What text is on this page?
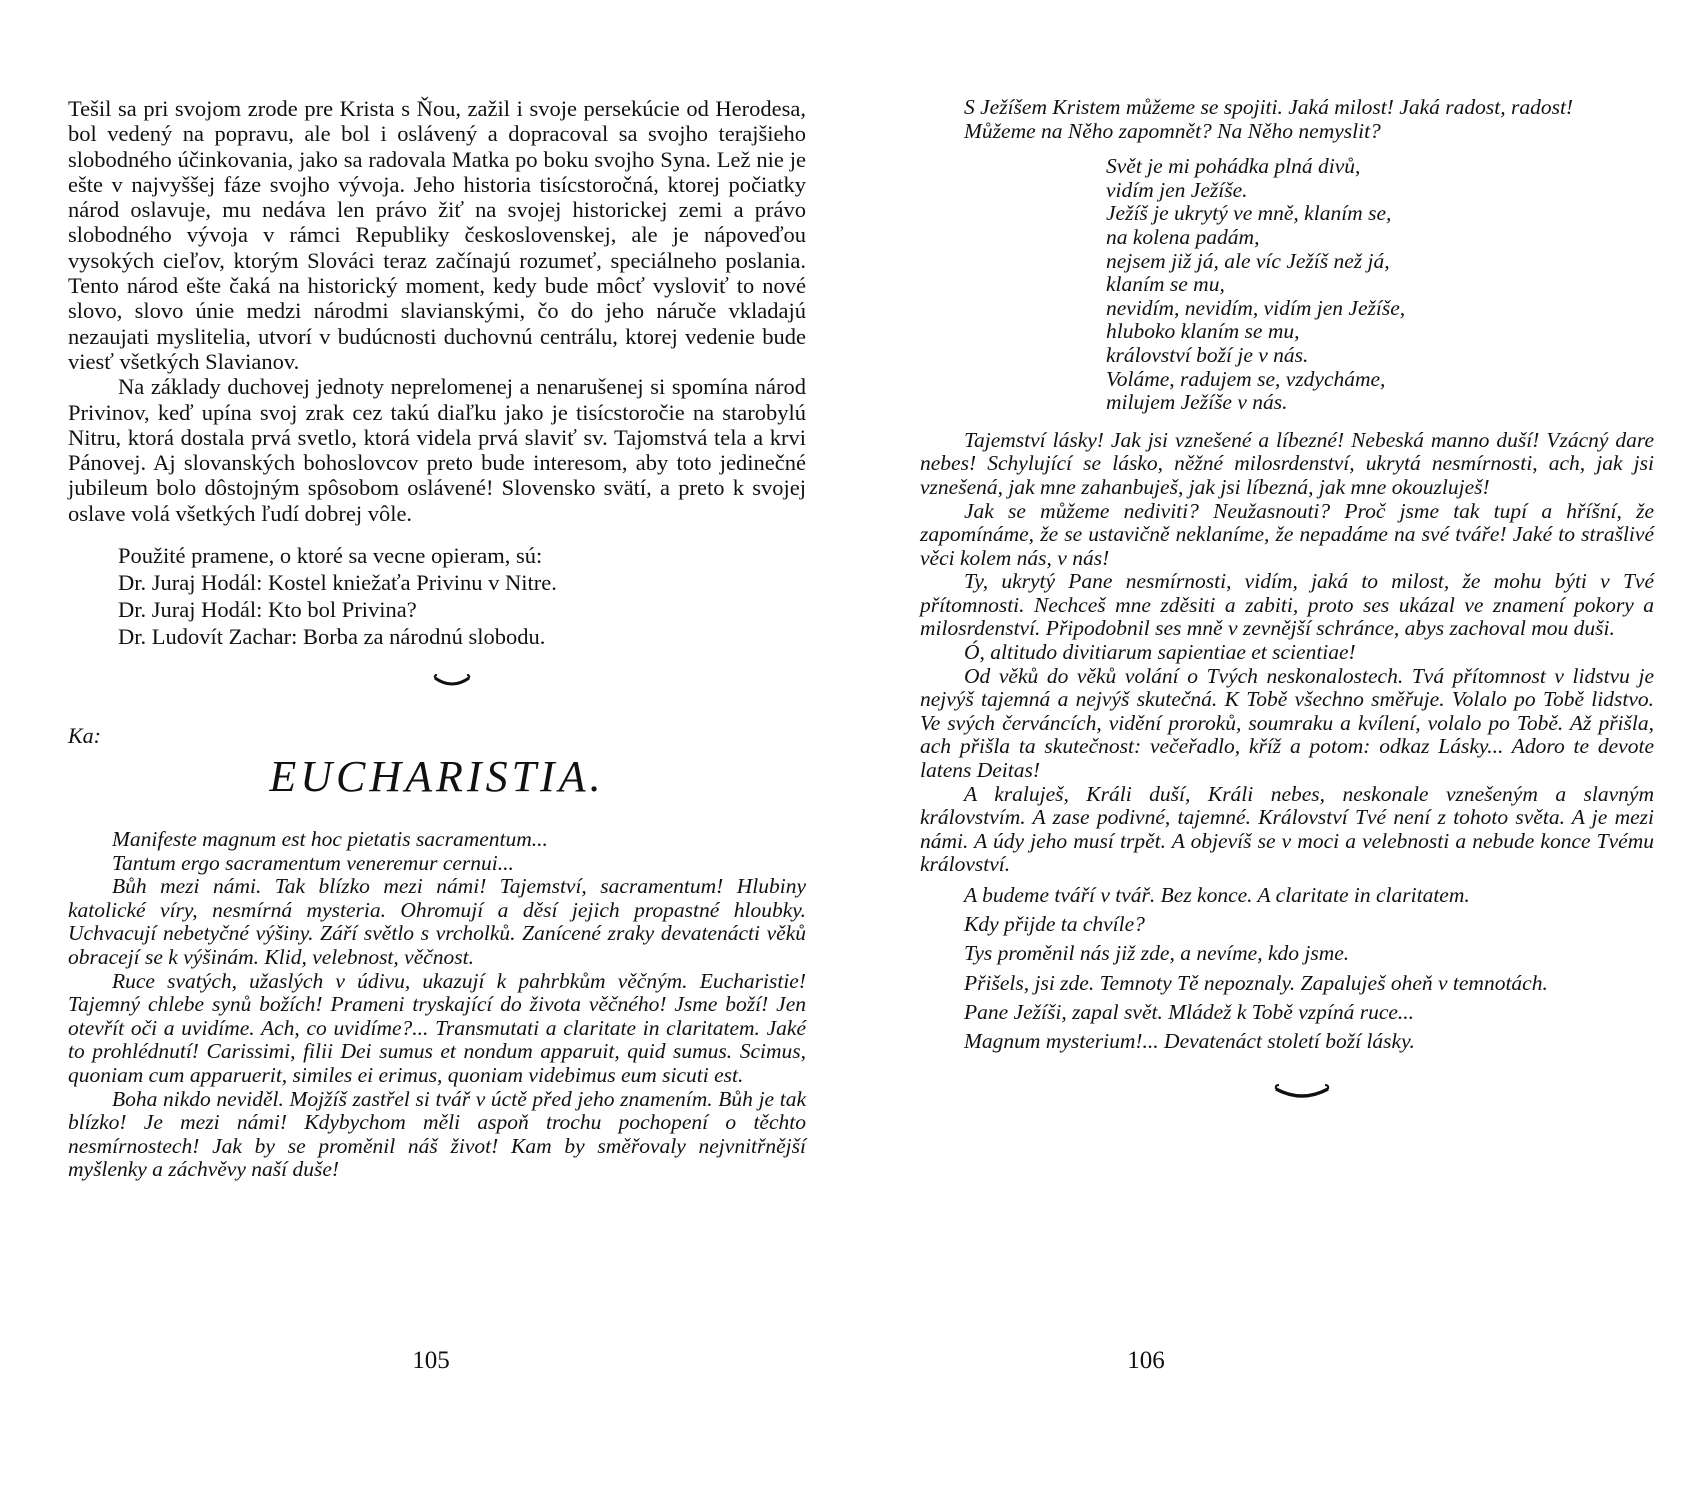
Tešil sa pri svojom zrode pre Krista s Ňou, zažil i svoje persekúcie od Herodesa, bol vedený na popravu, ale bol i oslávený a dopracoval sa svojho terajšieho slobodného účinkovania, jako sa radovala Matka po boku svojho Syna. Lež nie je ešte v najvyššej fáze svojho vývoja. Jeho historia tisícstoročná, ktorej počiatky národ oslavuje, mu nedáva len právo žiť na svojej historickej zemi a právo slobodného vývoja v rámci Republiky československej, ale je nápoveďou vysokých cieľov, ktorým Slováci teraz začínajú rozumeť, speciálneho poslania. Tento národ ešte čaká na historický moment, kedy bude môcť vysloviť to nové slovo, slovo únie medzi národmi slavianskými, čo do jeho náruče vkladajú nezaujati myslitelia, utvorí v budúcnosti duchovnú centrálu, ktorej vedenie bude viesť všetkých Slavianov.

Na základy duchovej jednoty neprelomenej a nenarušenej si spomína národ Privinov, keď upína svoj zrak cez takú diaľku jako je tisícstoročie na starobylú Nitru, ktorá dostala prvá svetlo, ktorá videla prvá slaviť sv. Tajomstvá tela a krvi Pánovej. Aj slovanských bohoslovcov preto bude interesom, aby toto jedinečné jubileum bolo dôstojným spôsobom oslávené! Slovensko svätí, a preto k svojej oslave volá všetkých ľudí dobrej vôle.

Použité pramene, o ktoré sa vecne opieram, sú:
Dr. Juraj Hodál: Kostel kniežaťa Privinu v Nitre.
Dr. Juraj Hodál: Kto bol Privina?
Dr. Ludovít Zachar: Borba za národnú slobodu.
Ka:
EUCHARISTIA.

Manifeste magnum est hoc pietatis sacramentum...

Tantum ergo sacramentum veneremur cernui...

Bůh mezi námi. Tak blízko mezi námi! Tajemství, sacramentum! Hlubiny katolické víry, nesmírná mysteria. Ohromují a děsí jejich propastné hloubky. Uchvacují nebetyčné výšiny. Září světlo s vrcholků. Zanícené zraky devatenácti věků obracejí se k výšinám. Klid, velebnost, věčnost.

Ruce svatých, užaslých v údivu, ukazují k pahrbkům věčným. Eucharistie! Tajemný chlebe synů božích! Prameni tryskající do života věčného! Jsme boží! Jen otevřít oči a uvidíme. Ach, co uvidíme?... Transmutati a claritate in claritatem. Jaké to prohlédnutí! Carissimi, filii Dei sumus et nondum apparuit, quid sumus. Scimus, quoniam cum apparuerit, similes ei erimus, quoniam videbimus eum sicuti est.

Boha nikdo neviděl. Mojžíš zastřel si tvář v úctě před jeho znamením. Bůh je tak blízko! Je mezi námi! Kdybychom měli aspoň trochu pochopení o těchto nesmírnostech! Jak by se proměnil náš život! Kam by směřovaly nejvnitřnější myšlenky a záchvěvy naší duše!

105

S Ježíšem Kristem můžeme se spojiti. Jaká milost! Jaká radost, radost!

Můžeme na Něho zapomnět? Na Něho nemyslit?

Svět je mi pohádka plná divů,
vidím jen Ježíše.
Ježíš je ukrytý ve mně, klaním se,
na kolena padám,
nejsem již já, ale víc Ježíš než já,
klaním se mu,
nevidím, nevidím, vidím jen Ježíše,
hluboko klaním se mu,
království boží je v nás.
Voláme, radujem se, vzdycháme,
milujem Ježíše v nás.

Tajemství lásky! Jak jsi vznešené a líbezné! Nebeská manno duší! Vzácný dare nebes! Schylující se lásko, něžné milosrdenství, ukrytá nesmírnosti, ach, jak jsi vznešená, jak mne zahanbuješ, jak jsi líbezná, jak mne okouzluješ!

Jak se můžeme nediviti? Neužasnouti? Proč jsme tak tupí a hříšní, že zapomínáme, že se ustavičně neklaníme, že nepadáme na své tváře! Jaké to strašlivé věci kolem nás, v nás!

Ty, ukrytý Pane nesmírnosti, vidím, jaká to milost, že mohu býti v Tvé přítomnosti. Nechceš mne zděsiti a zabiti, proto ses ukázal ve znamení pokory a milosrdenství. Připodobnil ses mně v zevnější schránce, abys zachoval mou duši.

Ó, altitudo divitiarum sapientiae et scientiae!

Od věků do věků volání o Tvých neskonalostech. Tvá přítomnost v lidstvu je nejvýš tajemná a nejvýš skutečná. K Tobě všechno směřuje. Volalo po Tobě lidstvo. Ve svých červáncích, vidění proroků, soumraku a kvílení, volalo po Tobě. Až přišla, ach přišla ta skutečnost: večeřadlo, kříž a potom: odkaz Lásky... Adoro te devote latens Deitas!

A kraluješ, Králi duší, Králi nebes, neskonale vznešeným a slavným královstvím. A zase podivné, tajemné. Království Tvé není z tohoto světa. A je mezi námi. A údy jeho musí trpět. A objevíš se v moci a velebnosti a nebude konce Tvému království.

A budeme tváří v tvář. Bez konce. A claritate in claritatem.
Kdy přijde ta chvíle?
Tys proměnil nás již zde, a nevíme, kdo jsme.
Přišels, jsi zde. Temnoty Tě nepoznaly. Zapaluješ oheň v temnotách.
Pane Ježíši, zapal svět. Mládež k Tobě vzpíná ruce...
Magnum mysterium!... Devatenáct století boží lásky.
106
